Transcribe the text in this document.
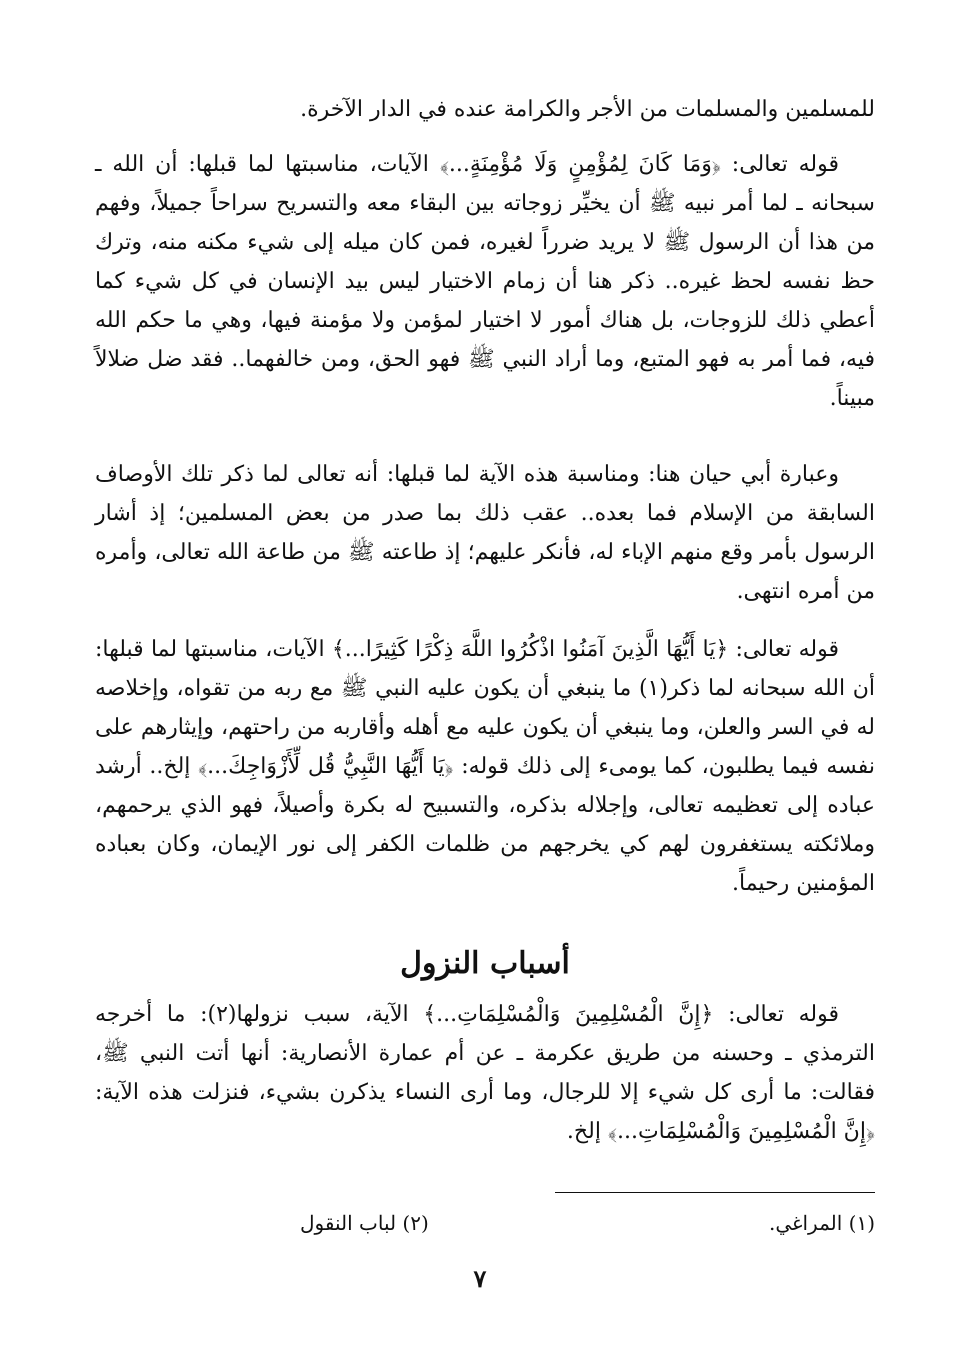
للمسلمين والمسلمات من الأجر والكرامة عنده في الدار الآخرة.

قوله تعالى: ﴿وَمَا كَانَ لِمُؤْمِنٍ وَلَا مُؤْمِنَةٍ...﴾ الآيات، مناسبتها لما قبلها: أن الله ـ سبحانه ـ لما أمر نبيه ﷺ أن يخيِّر زوجاته بين البقاء معه والتسريح سراحاً جميلاً، وفهم من هذا أن الرسول ﷺ لا يريد ضرراً لغيره، فمن كان ميله إلى شيء مكنه منه، وترك حظ نفسه لحظ غيره.. ذكر هنا أن زمام الاختيار ليس بيد الإنسان في كل شيء كما أعطي ذلك للزوجات، بل هناك أمور لا اختيار لمؤمن ولا مؤمنة فيها، وهي ما حكم الله فيه، فما أمر به فهو المتبع، وما أراد النبي ﷺ فهو الحق، ومن خالفهما.. فقد ضل ضلالاً مبيناً.

وعبارة أبي حيان هنا: ومناسبة هذه الآية لما قبلها: أنه تعالى لما ذكر تلك الأوصاف السابقة من الإسلام فما بعده.. عقب ذلك بما صدر من بعض المسلمين؛ إذ أشار الرسول بأمر وقع منهم الإباء له، فأنكر عليهم؛ إذ طاعته ﷺ من طاعة الله تعالى، وأمره من أمره انتهى.

قوله تعالى: ﴿يَا أَيُّهَا الَّذِينَ آمَنُوا اذْكُرُوا اللَّهَ ذِكْرًا كَثِيرًا...﴾ الآيات، مناسبتها لما قبلها: أن الله سبحانه لما ذكر(١) ما ينبغي أن يكون عليه النبي ﷺ مع ربه من تقواه، وإخلاصه له في السر والعلن، وما ينبغي أن يكون عليه مع أهله وأقاربه من راحتهم، وإيثارهم على نفسه فيما يطلبون، كما يومىء إلى ذلك قوله: ﴿يَا أَيُّهَا النَّبِيُّ قُل لِّأَزْوَاجِكَ...﴾ إلخ.. أرشد عباده إلى تعظيمه تعالى، وإجلاله بذكره، والتسبيح له بكرة وأصيلاً، فهو الذي يرحمهم، وملائكته يستغفرون لهم كي يخرجهم من ظلمات الكفر إلى نور الإيمان، وكان بعباده المؤمنين رحيماً.

أسباب النزول

قوله تعالى: ﴿إِنَّ الْمُسْلِمِينَ وَالْمُسْلِمَاتِ...﴾ الآية، سبب نزولها(٢): ما أخرجه الترمذي ـ وحسنه من طريق عكرمة ـ عن أم عمارة الأنصارية: أنها أتت النبي ﷺ، فقالت: ما أرى كل شيء إلا للرجال، وما أرى النساء يذكرن بشيء، فنزلت هذه الآية: ﴿إِنَّ الْمُسْلِمِينَ وَالْمُسْلِمَاتِ...﴾ إلخ.

(١) المراغي.
(٢) لباب النقول
٧
